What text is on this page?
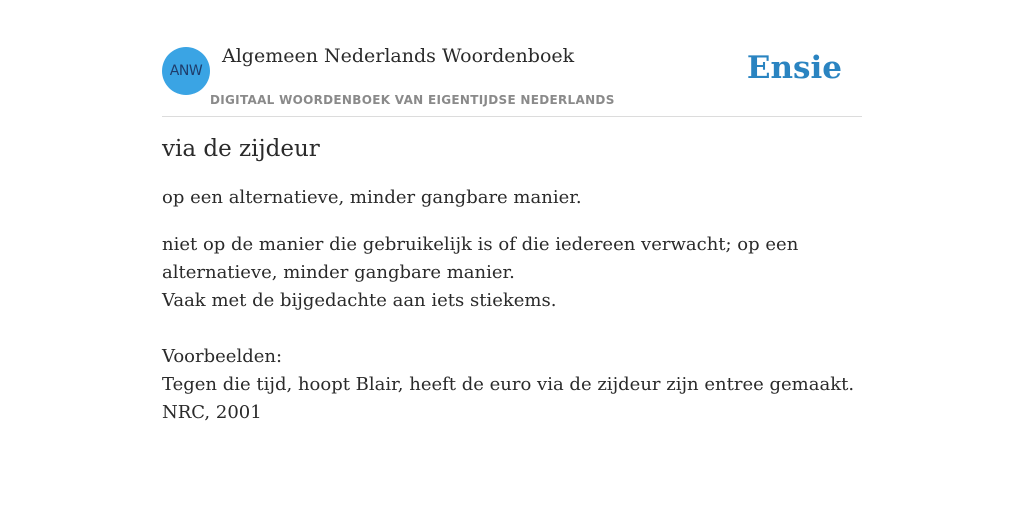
ANW
Algemeen Nederlands Woordenboek
DIGITAAL WOORDENBOEK VAN EIGENTIJDSE NEDERLANDS
Ensie
via de zijdeur

op een alternatieve, minder gangbare manier.

niet op de manier die gebruikelijk is of die iedereen verwacht; op een
alternatieve, minder gangbare manier.
Vaak met de bijgedachte aan iets stiekems.
Voorbeelden:
Tegen die tijd, hoopt Blair, heeft de euro via de zijdeur zijn entree gemaakt.
NRC, 2001
